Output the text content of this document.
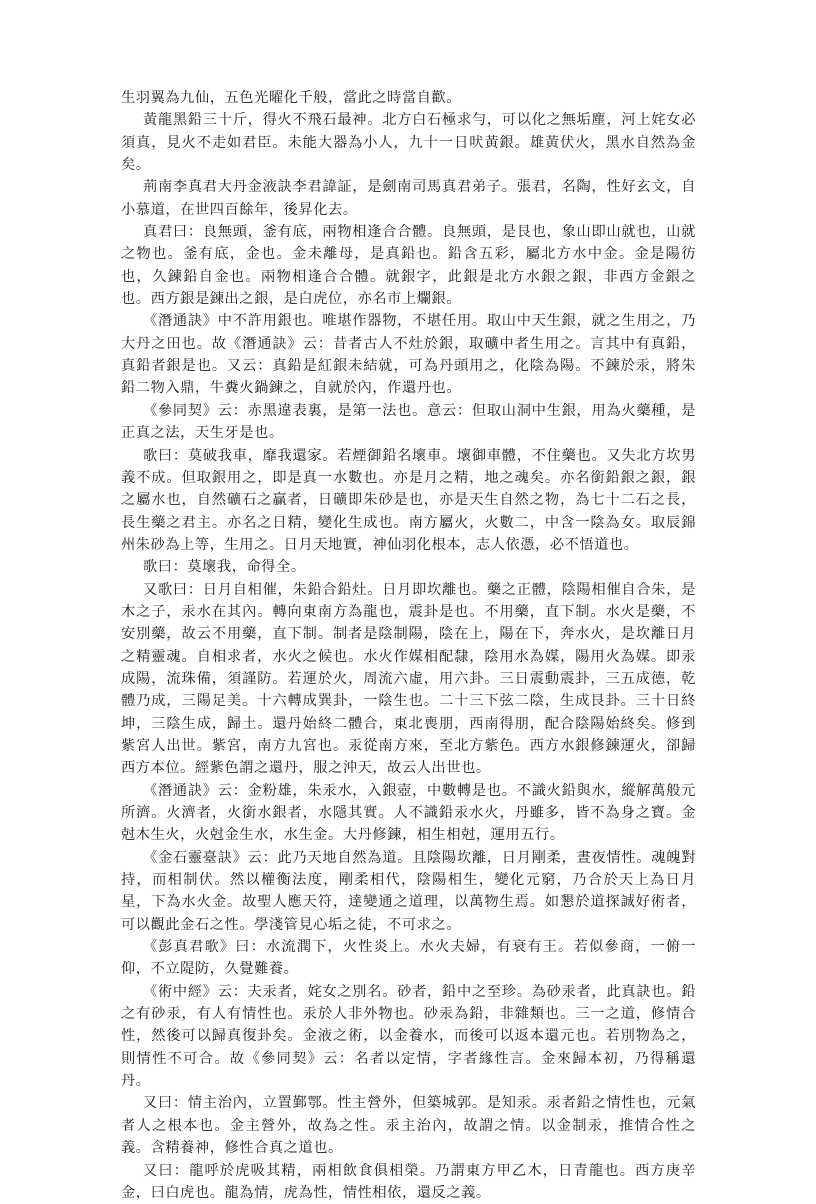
生羽翼為九仙，五色光曜化千般，當此之時當自歡。

黃龍黑鉛三十斤，得火不飛石最神。北方白石極求勻，可以化之無垢塵，河上姹女必須真，見火不走如君臣。未能大器為小人，九十一日吠黃銀。雄黃伏火，黑水自然為金矣。

荊南李真君大丹金液訣李君諱証，是劍南司馬真君弟子。張君，名陶，性好玄文，自小慕道，在世四百餘年，後昇化去。

真君曰：良無頭，釜有底，兩物相逢合合體。良無頭，是艮也，象山即山就也，山就之物也。釜有底，金也。金未離母，是真鉛也。鉛含五彩，屬北方水中金。金是陽彷也，久鍊鉛自金也。兩物相逢合合體。就銀字，此銀是北方水銀之銀，非西方金銀之也。西方銀是鍊出之銀，是白虎位，亦名市上爛銀。

《潛通訣》中不許用銀也。唯堪作器物，不堪任用。取山中天生銀，就之生用之，乃大丹之田也。故《潛通訣》云：昔者古人不灶於銀，取礦中者生用之。言其中有真鉛，真鉛者銀是也。又云：真鉛是紅銀未結就，可為丹頭用之，化陰為陽。不鍊於汞，將朱鉛二物入鼎，牛糞火鍋鍊之，自就於內，作還丹也。

《參同契》云：赤黑違表裏，是第一法也。意云：但取山洞中生銀，用為火藥種，是正真之法，天生牙是也。

歌曰：莫破我車，靡我還家。若煙御鉛名壞車。壞御車體，不住藥也。又失北方坎男義不成。但取銀用之，即是真一水數也。亦是月之精，地之魂矣。亦名銜鉛銀之銀，銀之屬水也，自然礦石之贏者，日礦即朱砂是也，亦是天生自然之物，為七十二石之長，長生藥之君主。亦名之日精，變化生成也。南方屬火，火數二，中含一陰為女。取辰錦州朱砂為上等，生用之。日月天地實，神仙羽化根本，志人依憑，必不悟道也。

歌曰：莫壞我，命得全。

又歌曰：日月自相催，朱鉛合鉛灶。日月即坎離也。藥之正體，陰陽相催自合朱，是木之子，汞水在其內。轉向東南方為龍也，震卦是也。不用藥，直下制。水火是藥，不安別藥，故云不用藥，直下制。制者是陰制陽，陰在上，陽在下，奔水火，是坎離日月之精靈魂。自相求者，水火之候也。水火作媒相配隸，陰用水為媒，陽用火為媒。即汞成陽，流珠備，須謹防。若運於火，周流六虛，用六卦。三日震動震卦，三五成德，乾體乃成，三陽足美。十六轉成巽卦，一陰生也。二十三下弦二陰，生成艮卦。三十日終坤，三陰生成，歸土。還丹始終二體合，東北喪朋，西南得朋，配合陰陽始終矣。修到紫宮人出世。紫宮，南方九宮也。汞從南方來，至北方紫色。西方水銀修鍊運火，卻歸西方本位。經紫色謂之還丹，服之沖天，故云人出世也。

《潛通訣》云：金粉雄，朱汞水，入銀壺，中數轉是也。不識火鉛與水，縱解萬般元所濟。火濟者，火銜水銀者，水隱其實。人不識鉛汞水火，丹雖多，皆不為身之寶。金尅木生火，火尅金生水，水生金。大丹修鍊，相生相尅，運用五行。

《金石靈臺訣》云：此乃天地自然為道。且陰陽坎離，日月剛柔，晝夜情性。魂魄對持，而相制伏。然以權衡法度，剛柔相代，陰陽相生，變化元窮，乃合於天上為日月星，下為水火金。故聖人應天符，達變通之道理，以萬物生焉。如懇於道探誠好術者，可以觀此金石之性。學淺管見心垢之徒，不可求之。

《彭真君歌》曰：水流潤下，火性炎上。水火夫婦，有衰有王。若似參商，一俯一仰，不立隄防，久覺難養。

《術中經》云：夫汞者，姹女之別名。砂者，鉛中之至珍。為砂汞者，此真訣也。鉛之有砂汞，有人有情性也。汞於人非外物也。砂汞為鉛，非雜類也。三一之道，修情合性，然後可以歸真復卦矣。金液之術，以金養水，而後可以返本還元也。若別物為之，則情性不可合。故《參同契》云：名者以定情，字者緣性言。金來歸本初，乃得稱還丹。

又曰：情主治內，立置鄞鄂。性主營外，但築城郭。是知汞。汞者鉛之情性也，元氣者人之根本也。金主營外，故為之性。汞主治內，故謂之情。以金制汞，推情合性之義。含精養神，修性合真之道也。

又曰：龍呼於虎吸其精，兩相飲食俱相榮。乃謂東方甲乙木，日青龍也。西方庚辛金，曰白虎也。龍為情，虎為性，情性相依，還反之義。
